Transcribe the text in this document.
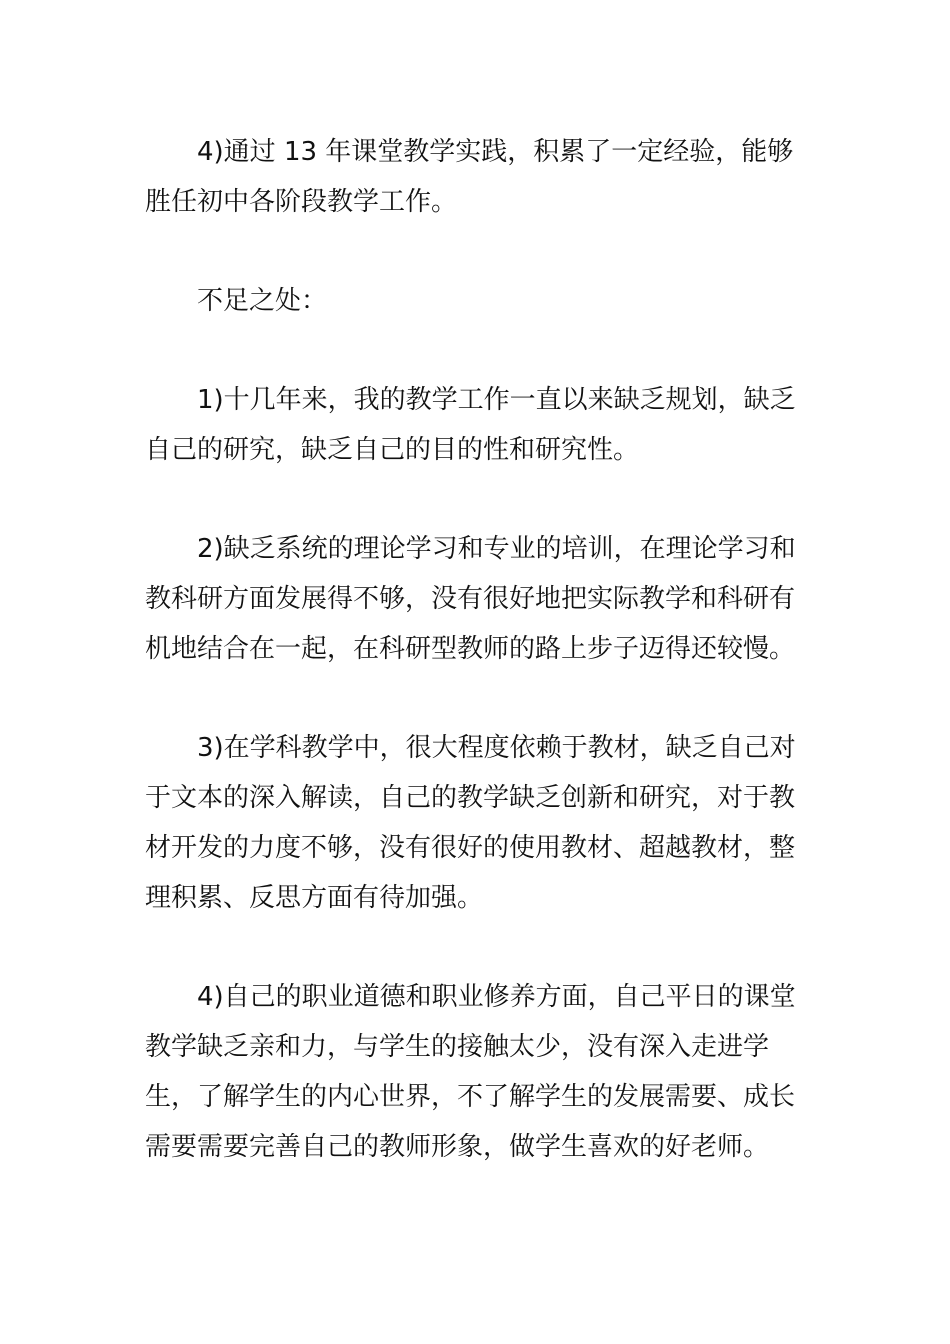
4)通过 13 年课堂教学实践，积累了一定经验，能够胜任初中各阶段教学工作。

不足之处：

1)十几年来，我的教学工作一直以来缺乏规划，缺乏自己的研究，缺乏自己的目的性和研究性。

2)缺乏系统的理论学习和专业的培训，在理论学习和教科研方面发展得不够，没有很好地把实际教学和科研有机地结合在一起，在科研型教师的路上步子迈得还较慢。

3)在学科教学中，很大程度依赖于教材，缺乏自己对于文本的深入解读，自己的教学缺乏创新和研究，对于教材开发的力度不够，没有很好的使用教材、超越教材，整理积累、反思方面有待加强。

4)自己的职业道德和职业修养方面，自己平日的课堂教学缺乏亲和力，与学生的接触太少，没有深入走进学生，了解学生的内心世界，不了解学生的发展需要、成长需要需要完善自己的教师形象，做学生喜欢的好老师。
